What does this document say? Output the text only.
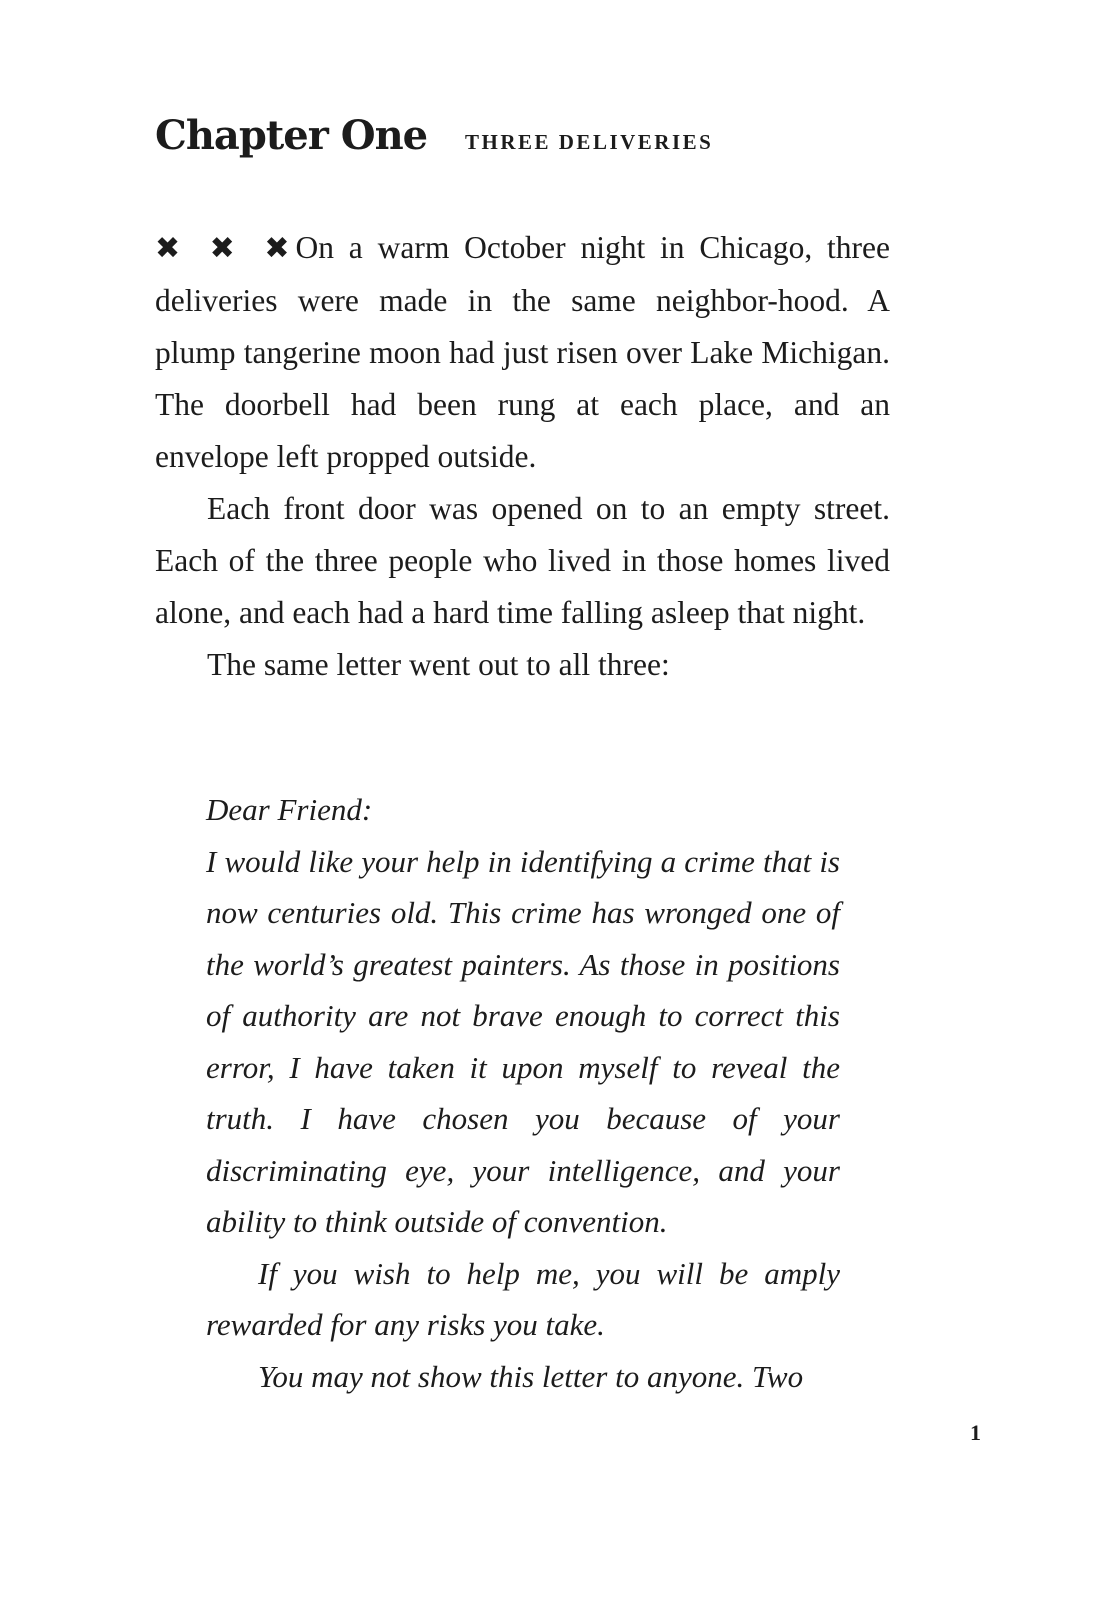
Chapter One THREE DELIVERIES

✖ ✖ ✖On a warm October night in Chicago, three deliveries were made in the same neighbor-hood. A plump tangerine moon had just risen over Lake Michigan. The doorbell had been rung at each place, and an envelope left propped outside.

Each front door was opened on to an empty street. Each of the three people who lived in those homes lived alone, and each had a hard time falling asleep that night.

The same letter went out to all three:

Dear Friend:

I would like your help in identifying a crime that is now centuries old. This crime has wronged one of the world’s greatest painters. As those in positions of authority are not brave enough to correct this error, I have taken it upon myself to reveal the truth. I have chosen you because of your discriminating eye, your intelligence, and your ability to think outside of convention.

If you wish to help me, you will be amply rewarded for any risks you take.

You may not show this letter to anyone. Two

1
